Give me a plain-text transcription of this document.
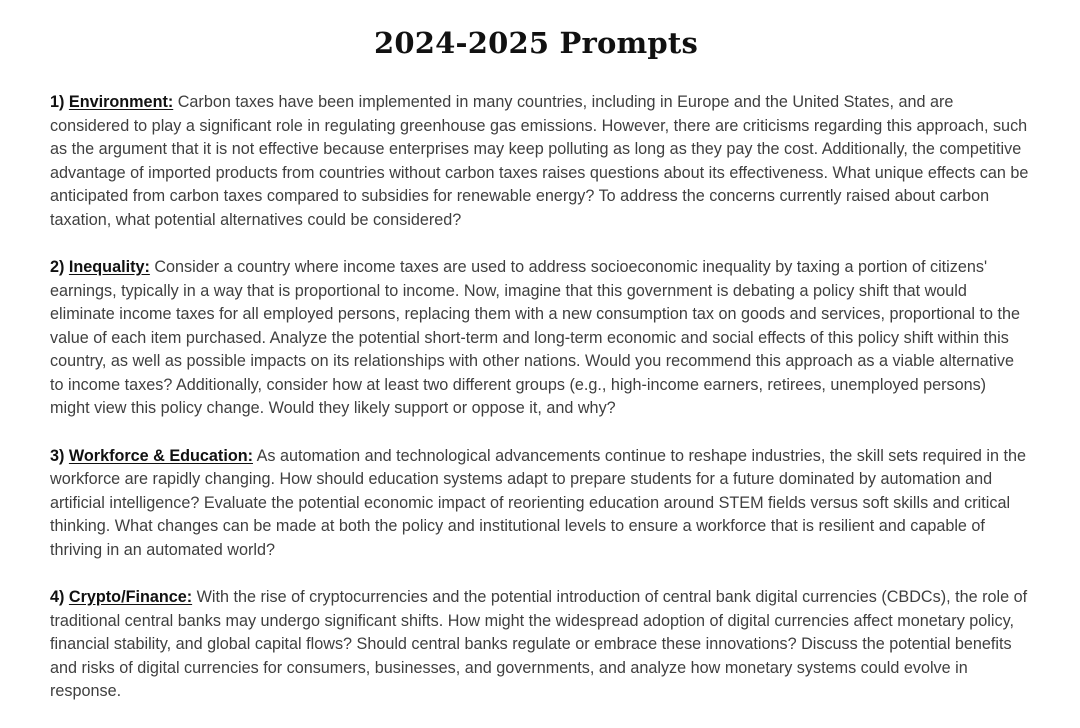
2024-2025 Prompts

1) Environment: Carbon taxes have been implemented in many countries, including in Europe and the United States, and are considered to play a significant role in regulating greenhouse gas emissions. However, there are criticisms regarding this approach, such as the argument that it is not effective because enterprises may keep polluting as long as they pay the cost. Additionally, the competitive advantage of imported products from countries without carbon taxes raises questions about its effectiveness. What unique effects can be anticipated from carbon taxes compared to subsidies for renewable energy? To address the concerns currently raised about carbon taxation, what potential alternatives could be considered?

2) Inequality: Consider a country where income taxes are used to address socioeconomic inequality by taxing a portion of citizens' earnings, typically in a way that is proportional to income. Now, imagine that this government is debating a policy shift that would eliminate income taxes for all employed persons, replacing them with a new consumption tax on goods and services, proportional to the value of each item purchased. Analyze the potential short-term and long-term economic and social effects of this policy shift within this country, as well as possible impacts on its relationships with other nations. Would you recommend this approach as a viable alternative to income taxes? Additionally, consider how at least two different groups (e.g., high-income earners, retirees, unemployed persons) might view this policy change. Would they likely support or oppose it, and why?

3) Workforce & Education: As automation and technological advancements continue to reshape industries, the skill sets required in the workforce are rapidly changing. How should education systems adapt to prepare students for a future dominated by automation and artificial intelligence? Evaluate the potential economic impact of reorienting education around STEM fields versus soft skills and critical thinking. What changes can be made at both the policy and institutional levels to ensure a workforce that is resilient and capable of thriving in an automated world?

4) Crypto/Finance: With the rise of cryptocurrencies and the potential introduction of central bank digital currencies (CBDCs), the role of traditional central banks may undergo significant shifts. How might the widespread adoption of digital currencies affect monetary policy, financial stability, and global capital flows? Should central banks regulate or embrace these innovations? Discuss the potential benefits and risks of digital currencies for consumers, businesses, and governments, and analyze how monetary systems could evolve in response.
